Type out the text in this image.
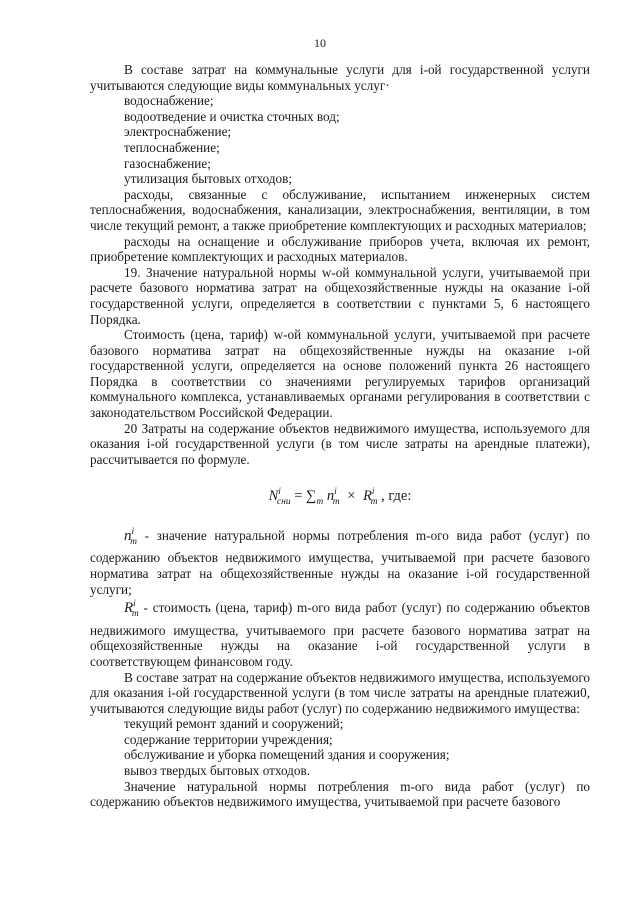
10

В составе затрат на коммунальные услуги для i-ой государственной услуги учитываются следующие виды коммунальных услуг·

водоснабжение;

водоотведение и очистка сточных вод;

электроснабжение;

теплоснабжение;

газоснабжение;

утилизация бытовых отходов;

расходы, связанные с обслуживание, испытанием инженерных систем теплоснабжения, водоснабжения, канализации, электроснабжения, вентиляции, в том числе текущий ремонт, а также приобретение комплектующих и расходных материалов;

расходы на оснащение и обслуживание приборов учета, включая их ремонт, приобретение комплектующих и расходных материалов.

19. Значение натуральной нормы w-ой коммунальной услуги, учитываемой при расчете базового норматива затрат на общехозяйственные нужды на оказание i-ой государственной услуги, определяется в соответствии с пунктами 5, 6 настоящего Порядка.

Стоимость (цена, тариф) w-ой коммунальной услуги, учитываемой при расчете базового норматива затрат на общехозяйственные нужды на оказание ı-ой государственной услуги, определяется на основе положений пункта 26 настоящего Порядка в соответствии со значениями регулируемых тарифов организаций коммунального комплекса, устанавливаемых органами регулирования в соответствии с законодательством Российской Федерации.

20 Затраты на содержание объектов недвижимого имущества, используемого для оказания i-ой государственной услуги (в том числе затраты на арендные платежи), рассчитывается по формуле.

$N^i_{сни} = \sum_m$ $n^i_m \times R^i_m$ , где:

$n^i_m$ - значение натуральной нормы потребления m-ого вида работ (услуг) по содержанию объектов недвижимого имущества, учитываемой при расчете базового норматива затрат на общехозяйственные нужды на оказание i-ой государственной услуги;

$R^i_m$ - стоимость (цена, тариф) m-ого вида работ (услуг) по содержанию объектов недвижимого имущества, учитываемого при расчете базового норматива затрат на общехозяйственные нужды на оказание i-ой государственной услуги в соответствующем финансовом году.

В составе затрат на содержание объектов недвижимого имущества, используемого для оказания i-ой государственной услуги (в том числе затраты на арендные платежи0, учитываются следующие виды работ (услуг) по содержанию недвижимого имущества:

текущий ремонт зданий и сооружений;

содержание территории учреждения;

обслуживание и уборка помещений здания и сооружения;

вывоз твердых бытовых отходов.

Значение натуральной нормы потребления m-ого вида работ (услуг) по содержанию объектов недвижимого имущества, учитываемой при расчете базового
